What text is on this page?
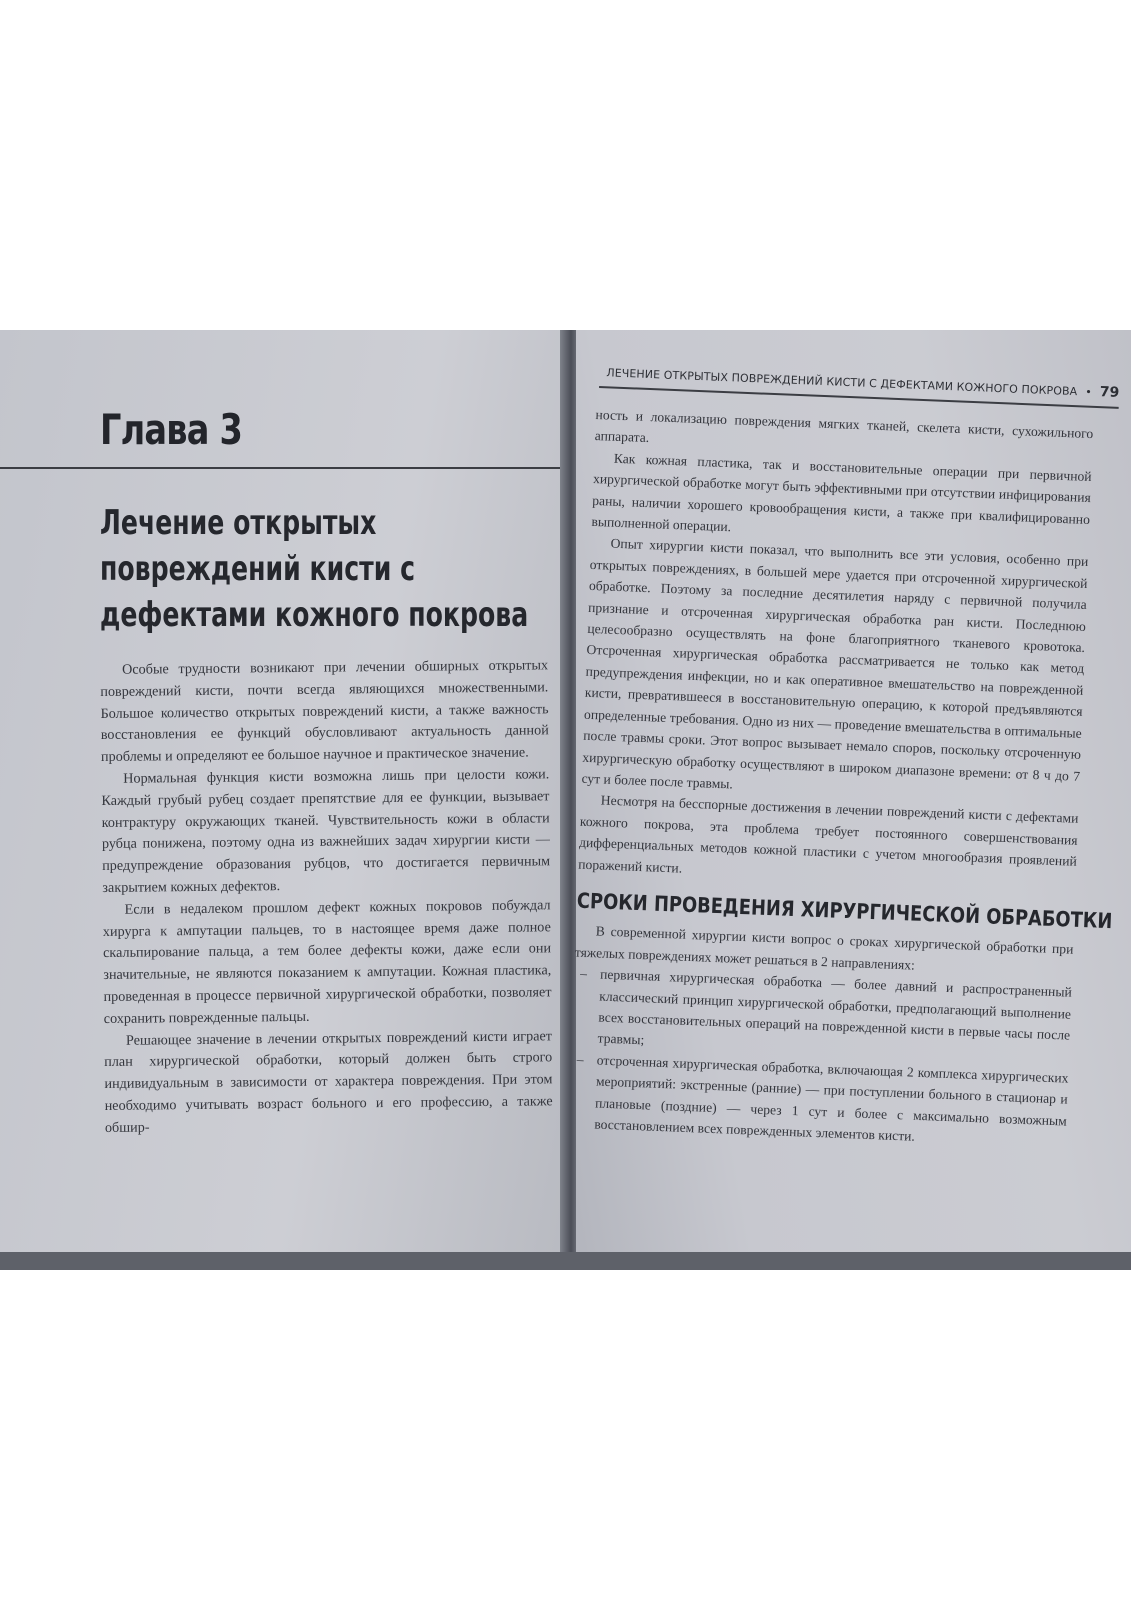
Глава 3
Лечение открытых повреждений кисти с дефектами кожного покрова

Особые трудности возникают при лечении обширных открытых повреждений кисти, почти всегда являющихся множественными. Большое количество открытых повреждений кисти, а также важность восстановления ее функций обусловливают актуальность данной проблемы и определяют ее большое научное и практическое значение.

Нормальная функция кисти возможна лишь при целости кожи. Каждый грубый рубец создает препятствие для ее функции, вызывает контрактуру окружающих тканей. Чувствительность кожи в области рубца понижена, поэтому одна из важнейших задач хирургии кисти — предупреждение образования рубцов, что достигается первичным закрытием кожных дефектов.

Если в недалеком прошлом дефект кожных покровов побуждал хирурга к ампутации пальцев, то в настоящее время даже полное скальпирование пальца, а тем более дефекты кожи, даже если они значительные, не являются показанием к ампутации. Кожная пластика, проведенная в процессе первичной хирургической обработки, позволяет сохранить поврежденные пальцы.

Решающее значение в лечении открытых повреждений кисти играет план хирургической обработки, который должен быть строго индивидуальным в зависимости от характера повреждения. При этом необходимо учитывать возраст больного и его профессию, а также обшир-

ЛЕЧЕНИЕ ОТКРЫТЫХ ПОВРЕЖДЕНИЙ КИСТИ С ДЕФЕКТАМИ КОЖНОГО ПОКРОВА • 79

ность и локализацию повреждения мягких тканей, скелета кисти, сухожильного аппарата.

Как кожная пластика, так и восстановительные операции при первичной хирургической обработке могут быть эффективными при отсутствии инфицирования раны, наличии хорошего кровообращения кисти, а также при квалифицированно выполненной операции.

Опыт хирургии кисти показал, что выполнить все эти условия, особенно при открытых повреждениях, в большей мере удается при отсроченной хирургической обработке. Поэтому за последние десятилетия наряду с первичной получила признание и отсроченная хирургическая обработка ран кисти. Последнюю целесообразно осуществлять на фоне благоприятного тканевого кровотока. Отсроченная хирургическая обработка рассматривается не только как метод предупреждения инфекции, но и как оперативное вмешательство на поврежденной кисти, превратившееся в восстановительную операцию, к которой предъявляются определенные требования. Одно из них — проведение вмешательства в оптимальные после травмы сроки. Этот вопрос вызывает немало споров, поскольку отсроченную хирургическую обработку осуществляют в широком диапазоне времени: от 8 ч до 7 сут и более после травмы.

Несмотря на бесспорные достижения в лечении повреждений кисти с дефектами кожного покрова, эта проблема требует постоянного совершенствования дифференциальных методов кожной пластики с учетом многообразия проявлений поражений кисти.

СРОКИ ПРОВЕДЕНИЯ ХИРУРГИЧЕСКОЙ ОБРАБОТКИ

В современной хирургии кисти вопрос о сроках хирургической обработки при тяжелых повреждениях может решаться в 2 направлениях:

– первичная хирургическая обработка — более давний и распространенный классический принцип хирургической обработки, предполагающий выполнение всех восстановительных операций на поврежденной кисти в первые часы после травмы;
– отсроченная хирургическая обработка, включающая 2 комплекса хирургических мероприятий: экстренные (ранние) — при поступлении больного в стационар и плановые (поздние) — через 1 сут и более с максимально возможным восстановлением всех поврежденных элементов кисти.
